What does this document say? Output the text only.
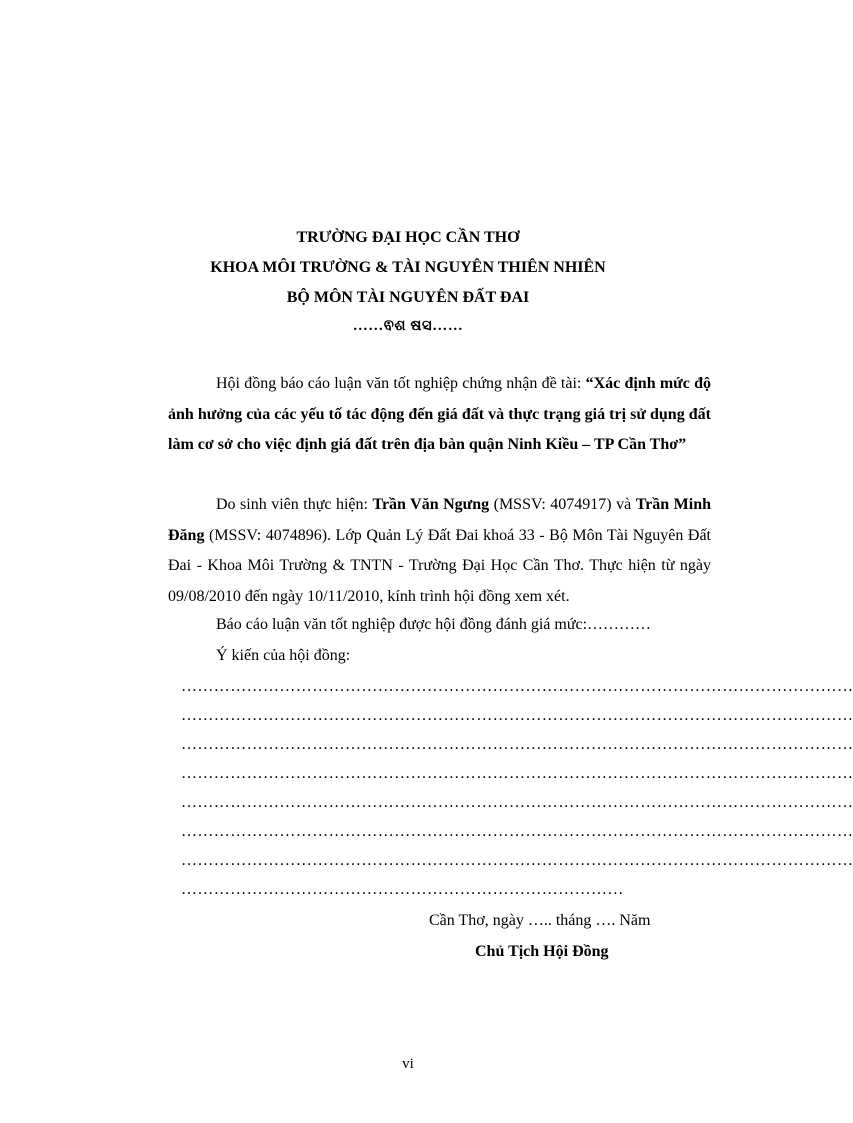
TRƯỜNG ĐẠI HỌC CẦN THƠ
KHOA MÔI TRƯỜNG & TÀI NGUYÊN THIÊN NHIÊN
BỘ MÔN TÀI NGUYÊN ĐẤT ĐAI
……ଵଶ ଷସ……
Hội đồng báo cáo luận văn tốt nghiệp chứng nhận đề tài: “Xác định mức độ ảnh hưởng của các yếu tố tác động đến giá đất và thực trạng giá trị sử dụng đất làm cơ sở cho việc định giá đất trên địa bàn quận Ninh Kiều – TP Cần Thơ”
Do sinh viên thực hiện: Trần Văn Ngưng (MSSV: 4074917) và Trần Minh Đăng (MSSV: 4074896). Lớp Quản Lý Đất Đai khoá 33 - Bộ Môn Tài Nguyên Đất Đai - Khoa Môi Trường & TNTN - Trường Đại Học Cần Thơ. Thực hiện từ ngày 09/08/2010 đến ngày 10/11/2010, kính trình hội đồng xem xét.
Báo cáo luận văn tốt nghiệp được hội đồng đánh giá mức:…………
Ý kiến của hội đồng:
……………………………………………………………………………………………………………
……………………………………………………………………………………………………………
……………………………………………………………………………………………………………
……………………………………………………………………………………………………………
……………………………………………………………………………………………………………
……………………………………………………………………………………………………………
……………………………………………………………………………………………………………
………………………………………………………………………
Cần Thơ, ngày ….. tháng …. Năm
Chủ Tịch Hội Đồng
vi
